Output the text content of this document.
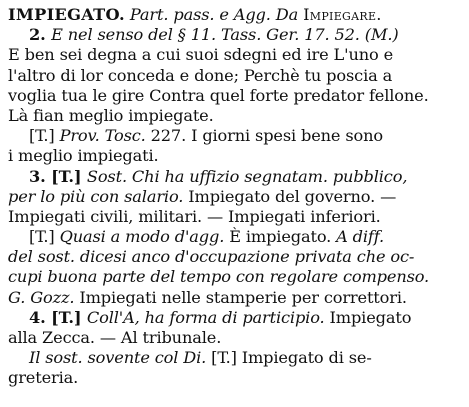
IMPIEGATO. Part. pass. e Agg. Da Impiegare.
2. E nel senso del § 11. Tass. Ger. 17. 52. (M.)
E ben sei degna a cui suoi sdegni ed ire L'uno e
l'altro di lor conceda e done; Perchè tu poscia a
voglia tua le gire Contra quel forte predator fellone.
Là fian meglio impiegate.
[T.] Prov. Tosc. 227. I giorni spesi bene sono
i meglio impiegati.
3. [T.] Sost. Chi ha uffizio segnatam. pubblico,
per lo più con salario. Impiegato del governo. —
Impiegati civili, militari. — Impiegati inferiori.
[T.] Quasi a modo d'agg. È impiegato. A diff.
del sost. dicesi anco d'occupazione privata che oc-
cupi buona parte del tempo con regolare compenso.
G. Gozz. Impiegati nelle stamperie per correttori.
4. [T.] Coll'A, ha forma di participio. Impiegato
alla Zecca. — Al tribunale.
Il sost. sovente col Di. [T.] Impiegato di se-
greteria.
